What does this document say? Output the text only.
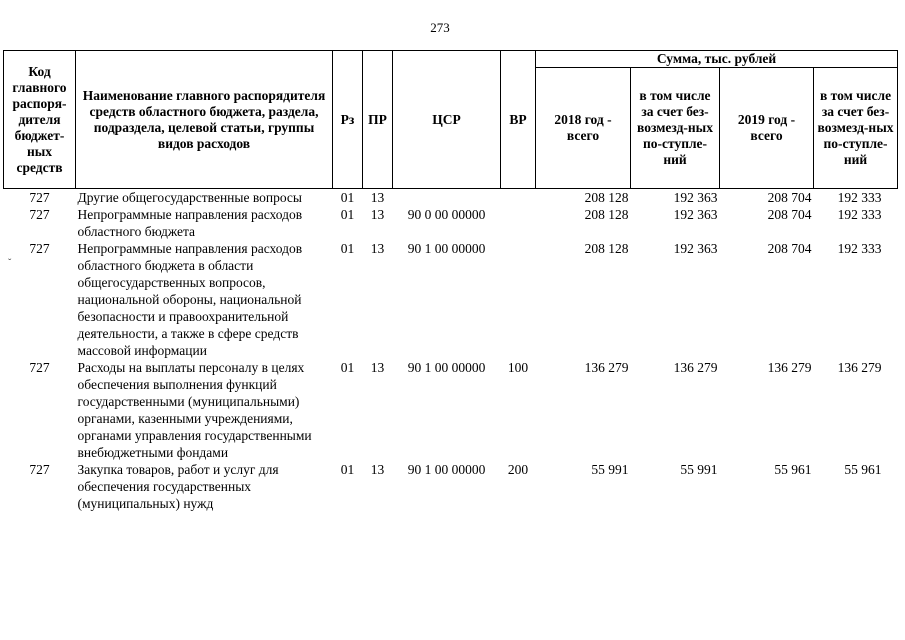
273
Код главного распоря-дителя бюджет-ных средств	Наименование главного распорядителя средств областного бюджета, раздела, подраздела, целевой статьи, группы видов расходов	Рз	ПР	ЦСР	ВР	Сумма, тыс. рублей			
						2018 год - всего	в том числе за счет без-возмезд-ных по-ступле-ний	2019 год - всего	в том числе за счет без-возмезд-ных по-ступле-ний
727	Другие общегосударственные вопросы	01	13			208 128	192 363	208 704	192 333
727	Непрограммные направления расходов областного бюджета	01	13	90 0 00 00000		208 128	192 363	208 704	192 333
727	Непрограммные направления расходов областного бюджета в области общегосударственных вопросов, национальной обороны, национальной безопасности и правоохранительной деятельности, а также в сфере средств массовой информации	01	13	90 1 00 00000		208 128	192 363	208 704	192 333
727	Расходы на выплаты персоналу в целях обеспечения выполнения функций государственными (муниципальными) органами, казенными учреждениями, органами управления государственными внебюджетными фондами	01	13	90 1 00 00000	100	136 279	136 279	136 279	136 279
727	Закупка товаров, работ и услуг для обеспечения государственных (муниципальных) нужд	01	13	90 1 00 00000	200	55 991	55 991	55 961	55 961
ˇ
